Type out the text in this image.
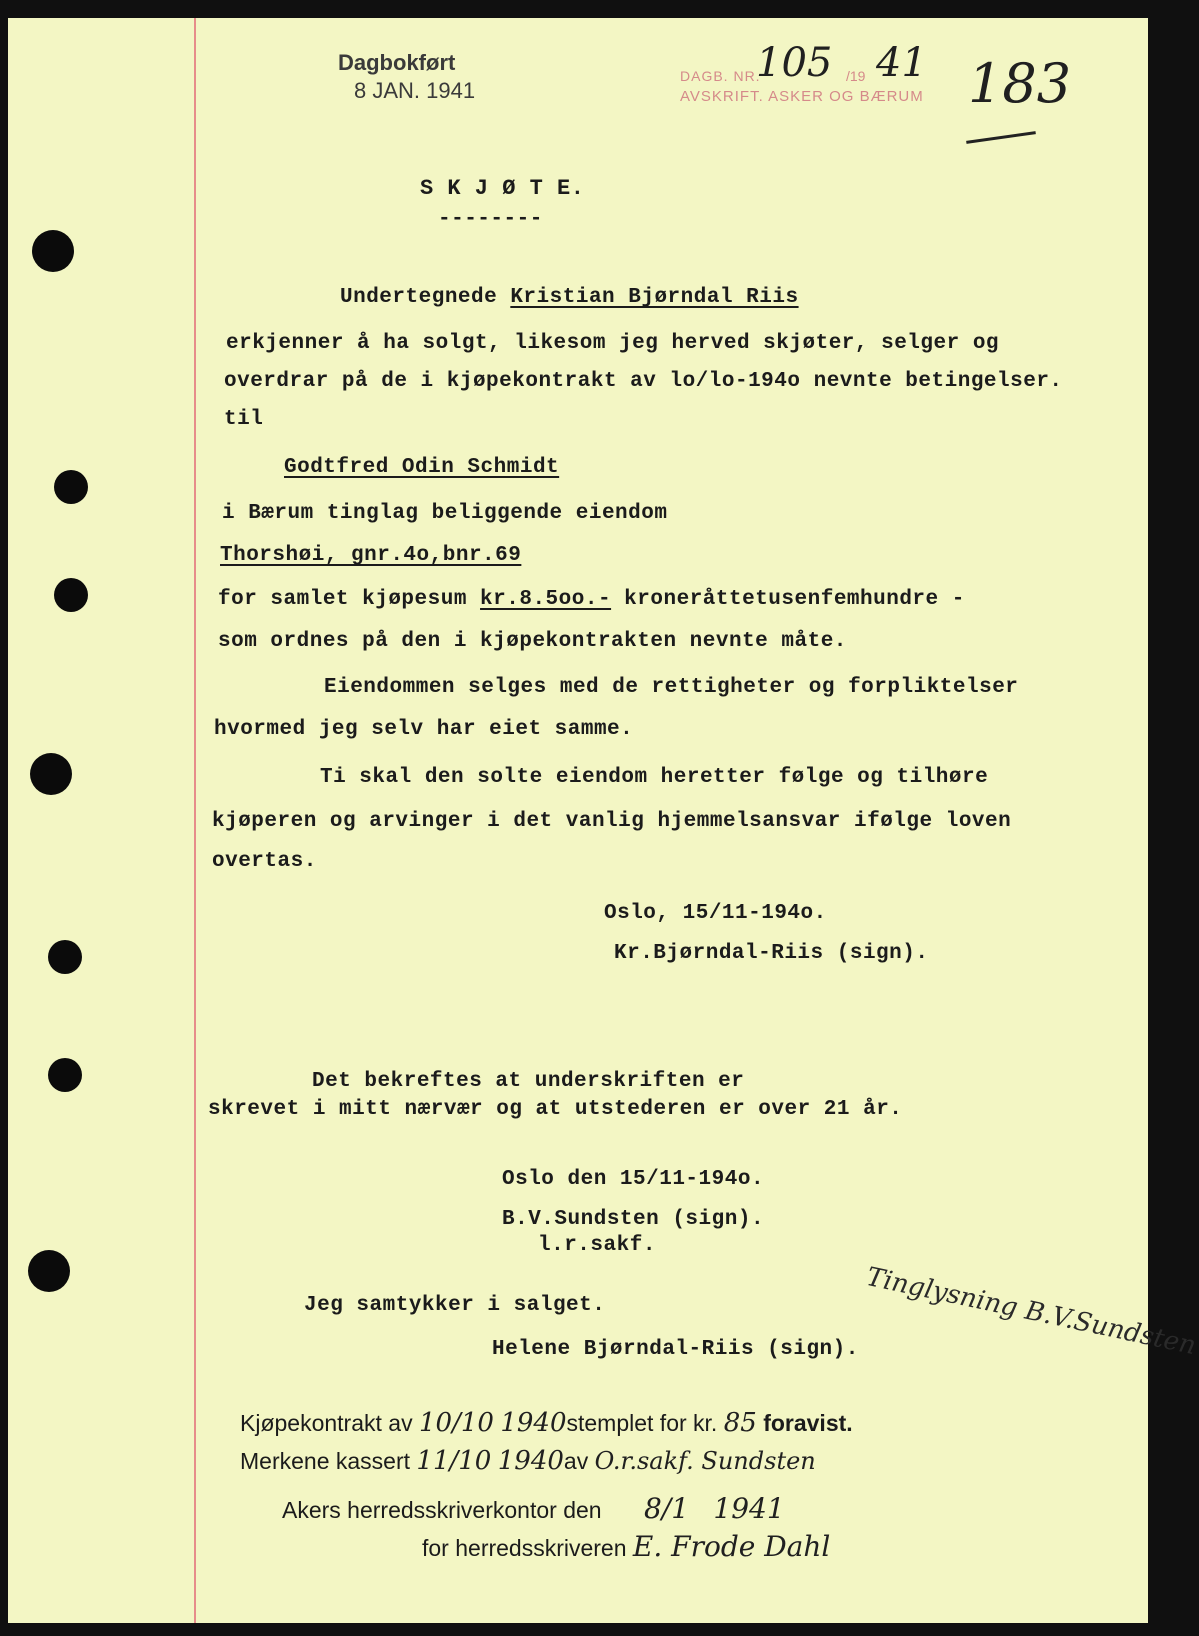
Dagbokført
8 JAN. 1941
DAGB. NR.
105 /19 41
AVSKRIFT. ASKER OG BÆRUM 183
S K J Ø T E.
--------
Undertegnede Kristian Bjørndal Riis
erkjenner å ha solgt, likesom jeg herved skjøter, selger og
overdrar på de i kjøpekontrakt av lo/lo-194o nevnte betingelser.
til
Godtfred Odin Schmidt
i Bærum tinglag beliggende eiendom
Thorshøi, gnr.4o,bnr.69
for samlet kjøpesum kr.8.5oo.- kroneråttetusenfemhundre -
som ordnes på den i kjøpekontrakten nevnte måte.
Eiendommen selges med de rettigheter og forpliktelser
hvormed jeg selv har eiet samme.
Ti skal den solte eiendom heretter følge og tilhøre
kjøperen og arvinger i det vanlig hjemmelsansvar ifølge loven
overtas.
Oslo, 15/11-194o.
Kr.Bjørndal-Riis (sign).
Det bekreftes at underskriften er
skrevet i mitt nærvær og at utstederen er over 21 år.
Oslo den 15/11-194o.
B.V.Sundsten (sign).
l.r.sakf.
Jeg samtykker i salget.
Helene Bjørndal-Riis (sign). Tinglysning B.V.Sundsten
Kjøpekontrakt av 10/10 1940stemplet for kr. 85 foravist.
Merkene kassert 11/10 1940av O.r.sakf. Sundsten
Akers herredsskriverkontor den 8/1 1941
for herredsskriveren E. Frode Dahl
